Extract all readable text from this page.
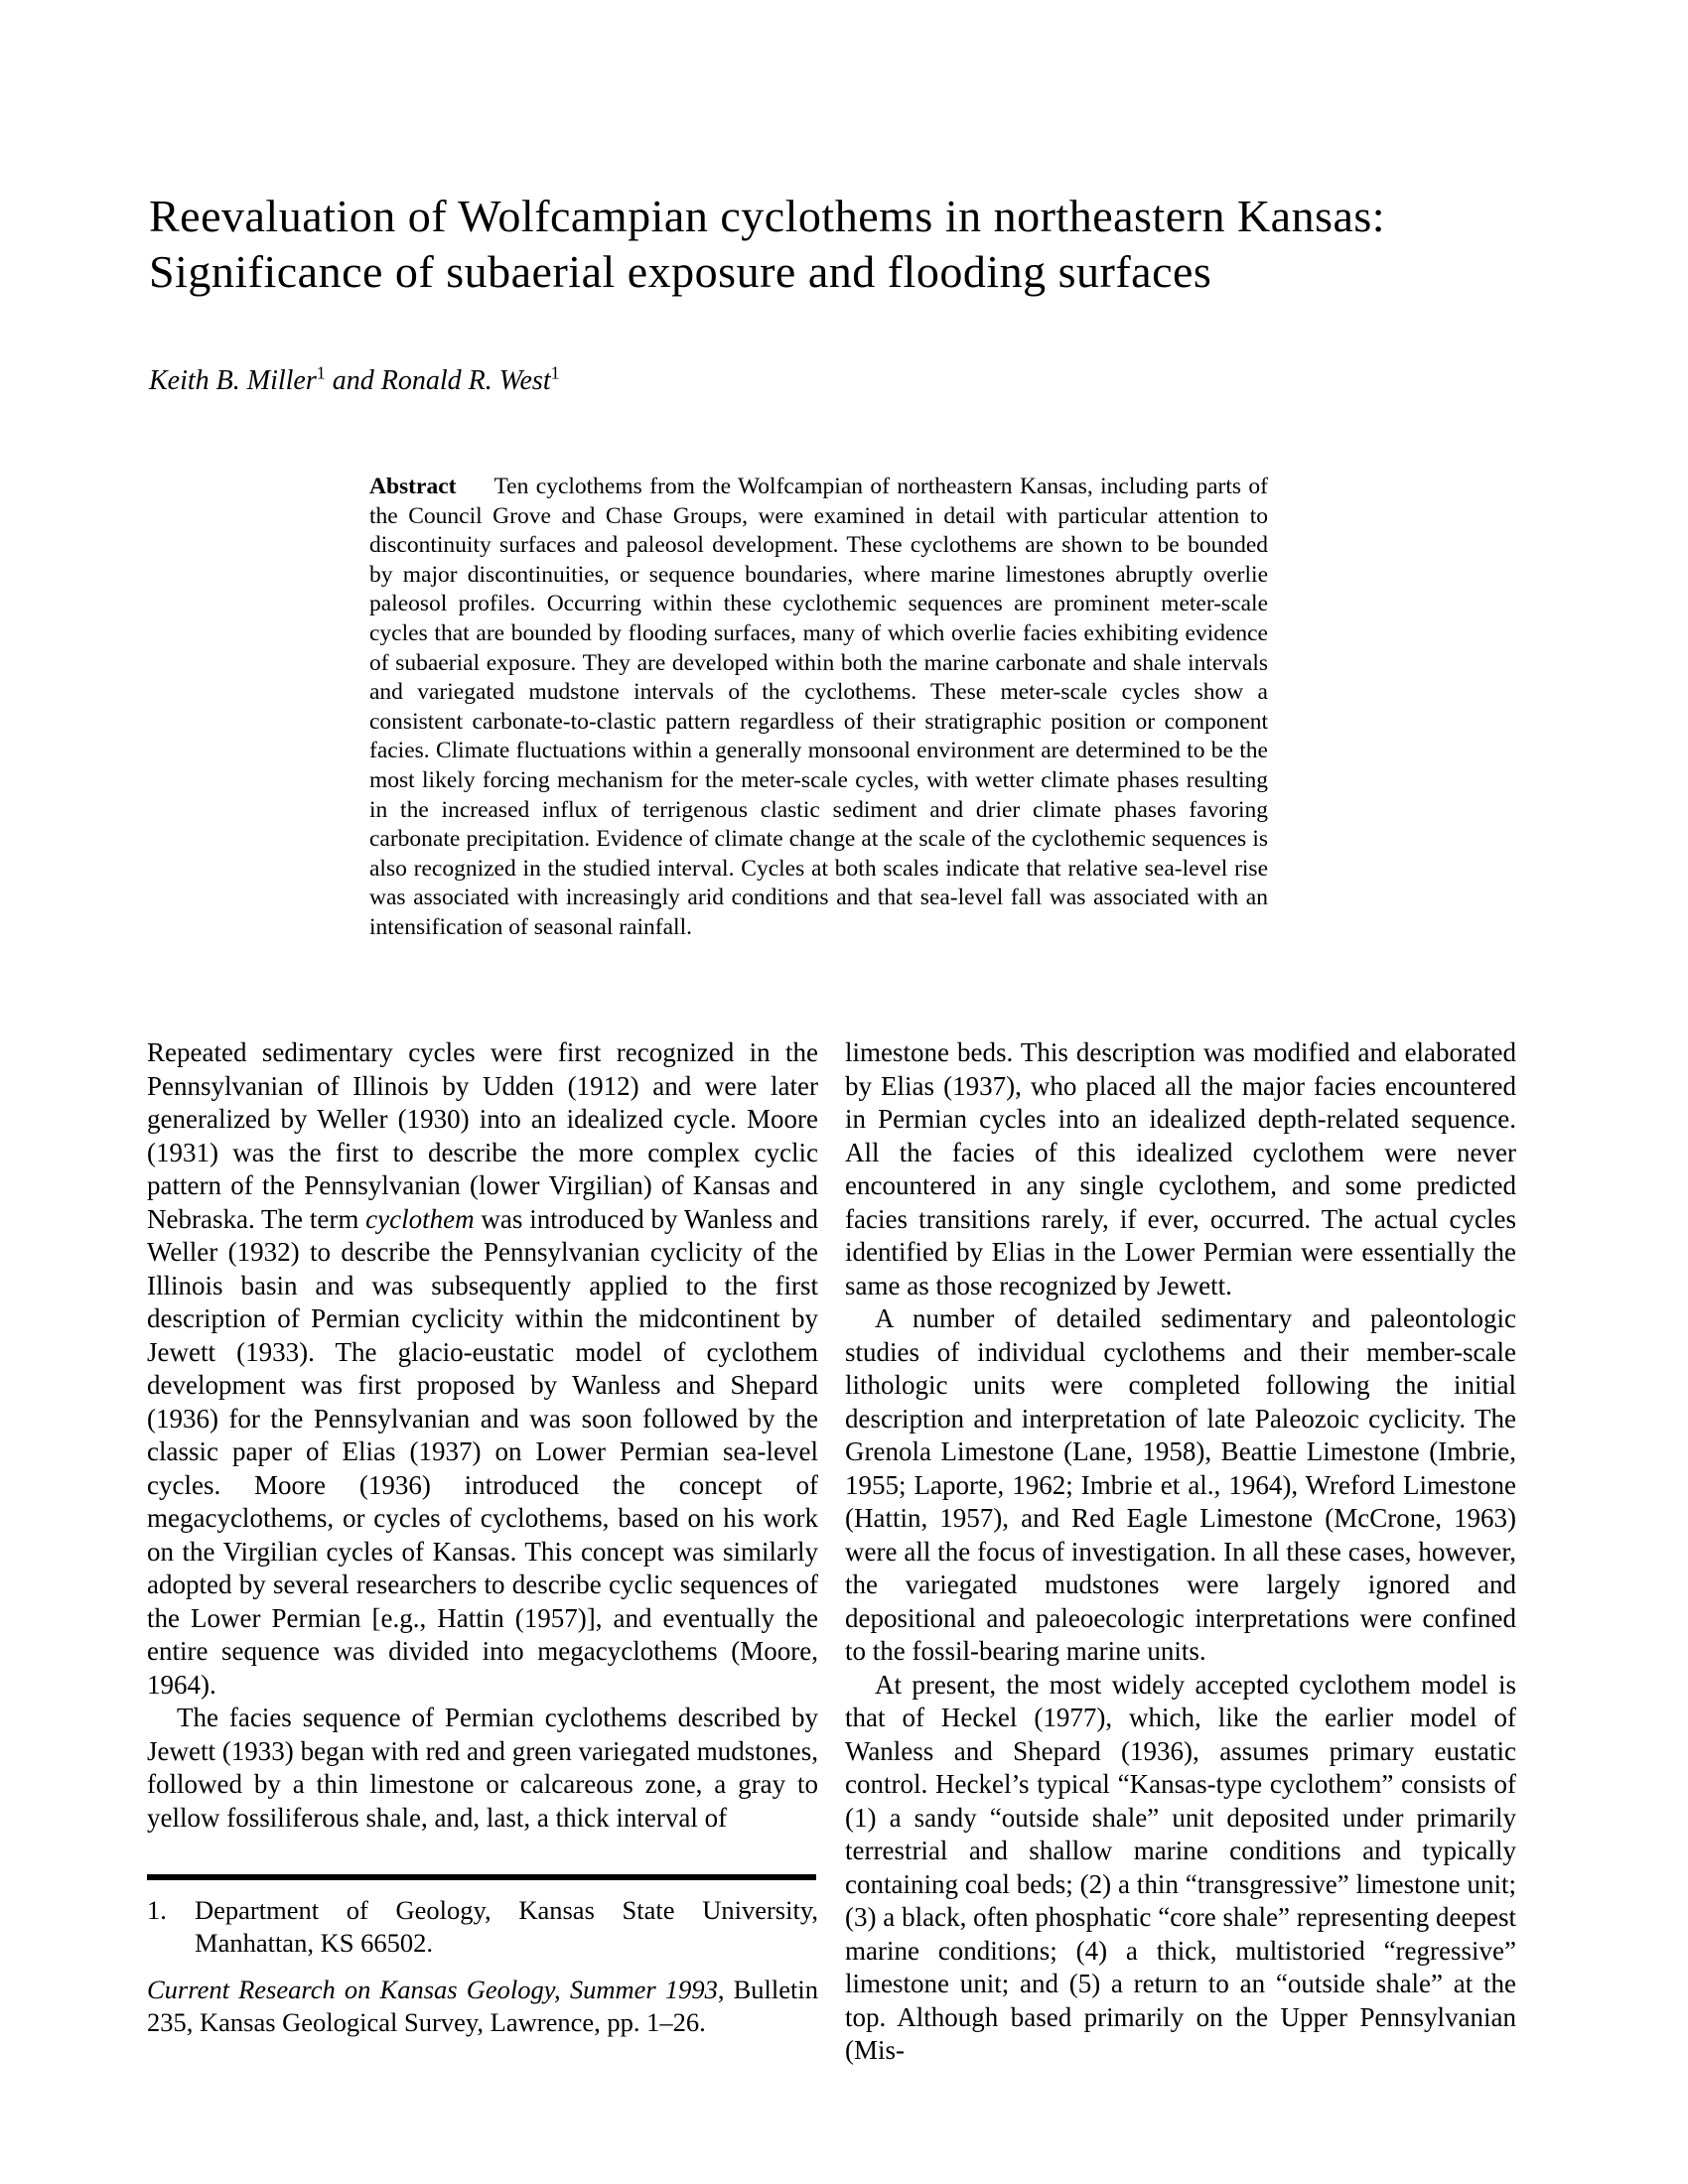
Reevaluation of Wolfcampian cyclothems in northeastern Kansas:
Significance of subaerial exposure and flooding surfaces
Keith B. Miller$^1$ and Ronald R. West$^1$
Abstract Ten cyclothems from the Wolfcampian of northeastern Kansas, including parts of the Council Grove and Chase Groups, were examined in detail with particular attention to discontinuity surfaces and paleosol development. These cyclothems are shown to be bounded by major discontinuities, or sequence boundaries, where marine limestones abruptly overlie paleosol profiles. Occurring within these cyclothemic sequences are prominent meter-scale cycles that are bounded by flooding surfaces, many of which overlie facies exhibiting evidence of subaerial exposure. They are developed within both the marine carbonate and shale intervals and variegated mudstone intervals of the cyclothems. These meter-scale cycles show a consistent carbonate-to-clastic pattern regardless of their stratigraphic position or component facies. Climate fluctuations within a generally monsoonal environment are determined to be the most likely forcing mechanism for the meter-scale cycles, with wetter climate phases resulting in the increased influx of terrigenous clastic sediment and drier climate phases favoring carbonate precipitation. Evidence of climate change at the scale of the cyclothemic sequences is also recognized in the studied interval. Cycles at both scales indicate that relative sea-level rise was associated with increasingly arid conditions and that sea-level fall was associated with an intensification of seasonal rainfall.

Repeated sedimentary cycles were first recognized in the Pennsylvanian of Illinois by Udden (1912) and were later generalized by Weller (1930) into an idealized cycle. Moore (1931) was the first to describe the more complex cyclic pattern of the Pennsylvanian (lower Virgilian) of Kansas and Nebraska. The term cyclothem was introduced by Wanless and Weller (1932) to describe the Pennsylvanian cyclicity of the Illinois basin and was subsequently applied to the first description of Permian cyclicity within the midcontinent by Jewett (1933). The glacio-eustatic model of cyclothem development was first proposed by Wanless and Shepard (1936) for the Pennsylvanian and was soon followed by the classic paper of Elias (1937) on Lower Permian sea-level cycles. Moore (1936) introduced the concept of megacyclothems, or cycles of cyclothems, based on his work on the Virgilian cycles of Kansas. This concept was similarly adopted by several researchers to describe cyclic sequences of the Lower Permian [e.g., Hattin (1957)], and eventually the entire sequence was divided into megacyclothems (Moore, 1964).

The facies sequence of Permian cyclothems described by Jewett (1933) began with red and green variegated mudstones, followed by a thin limestone or calcareous zone, a gray to yellow fossiliferous shale, and, last, a thick interval of

limestone beds. This description was modified and elaborated by Elias (1937), who placed all the major facies encountered in Permian cycles into an idealized depth-related sequence. All the facies of this idealized cyclothem were never encountered in any single cyclothem, and some predicted facies transitions rarely, if ever, occurred. The actual cycles identified by Elias in the Lower Permian were essentially the same as those recognized by Jewett.

A number of detailed sedimentary and paleontologic studies of individual cyclothems and their member-scale lithologic units were completed following the initial description and interpretation of late Paleozoic cyclicity. The Grenola Limestone (Lane, 1958), Beattie Limestone (Imbrie, 1955; Laporte, 1962; Imbrie et al., 1964), Wreford Limestone (Hattin, 1957), and Red Eagle Limestone (McCrone, 1963) were all the focus of investigation. In all these cases, however, the variegated mudstones were largely ignored and depositional and paleoecologic interpretations were confined to the fossil-bearing marine units.

At present, the most widely accepted cyclothem model is that of Heckel (1977), which, like the earlier model of Wanless and Shepard (1936), assumes primary eustatic control. Heckel’s typical “Kansas-type cyclothem” consists of (1) a sandy “outside shale” unit deposited under primarily terrestrial and shallow marine conditions and typically containing coal beds; (2) a thin “transgressive” limestone unit; (3) a black, often phosphatic “core shale” representing deepest marine conditions; (4) a thick, multistoried “regressive” limestone unit; and (5) a return to an “outside shale” at the top. Although based primarily on the Upper Pennsylvanian (Mis-

1.	Department of Geology, Kansas State University, Manhattan, KS 66502.
Current Research on Kansas Geology, Summer 1993, Bulletin 235, Kansas Geological Survey, Lawrence, pp. 1–26.
